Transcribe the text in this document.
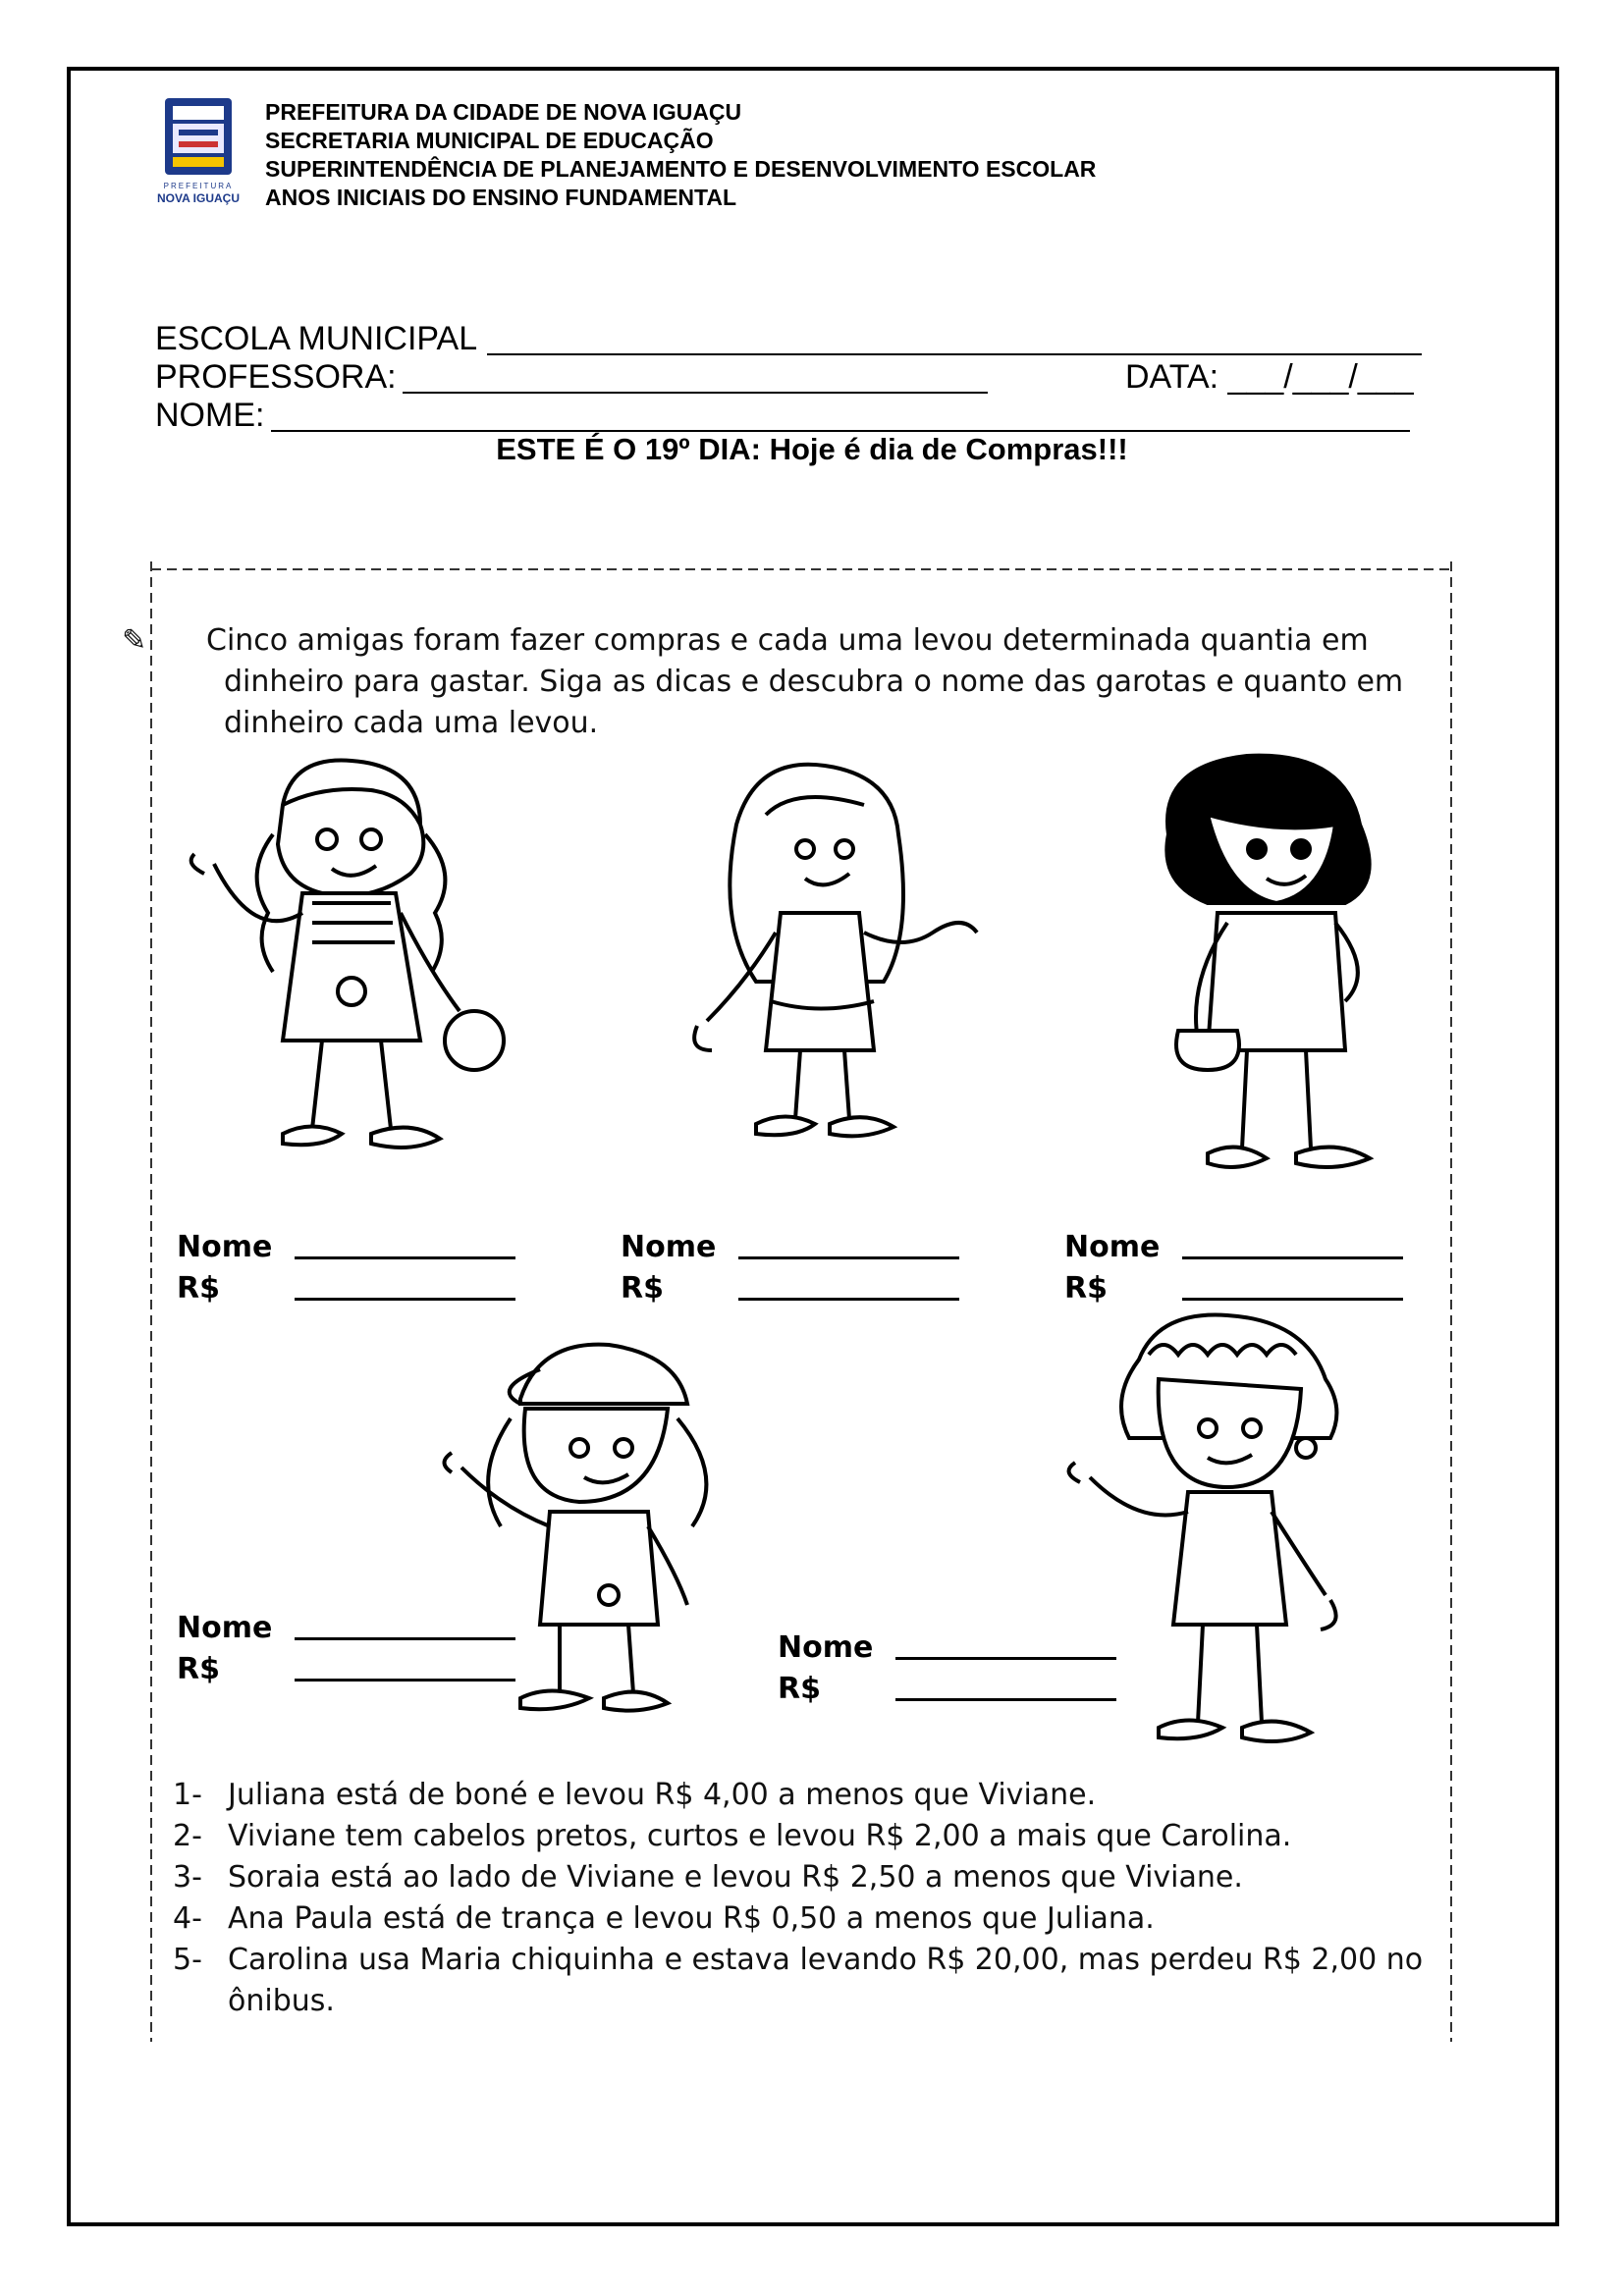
PREFEITURA
NOVA IGUAÇU
PREFEITURA DA CIDADE DE NOVA IGUAÇU
SECRETARIA MUNICIPAL DE EDUCAÇÃO
SUPERINTENDÊNCIA DE PLANEJAMENTO E DESENVOLVIMENTO ESCOLAR
ANOS INICIAIS DO ENSINO FUNDAMENTAL
ESCOLA MUNICIPAL
PROFESSORA:	DATA: ___/___/___
NOME:
ESTE É O 19º DIA: Hoje é dia de Compras!!!

✎ Cinco amigas foram fazer compras e cada uma levou determinada quantia em dinheiro para gastar. Siga as dicas e descubra o nome das garotas e quanto em dinheiro cada uma levou.

Nome
R$
Nome
R$
Nome
R$
Nome
R$
Nome
R$
1- Juliana está de boné e levou R$ 4,00 a menos que Viviane.
2- Viviane tem cabelos pretos, curtos e levou R$ 2,00 a mais que Carolina.
3- Soraia está ao lado de Viviane e levou R$ 2,50 a menos que Viviane.
4- Ana Paula está de trança e levou R$ 0,50 a menos que Juliana.
5- Carolina usa Maria chiquinha e estava levando R$ 20,00, mas perdeu R$ 2,00 no ônibus.
